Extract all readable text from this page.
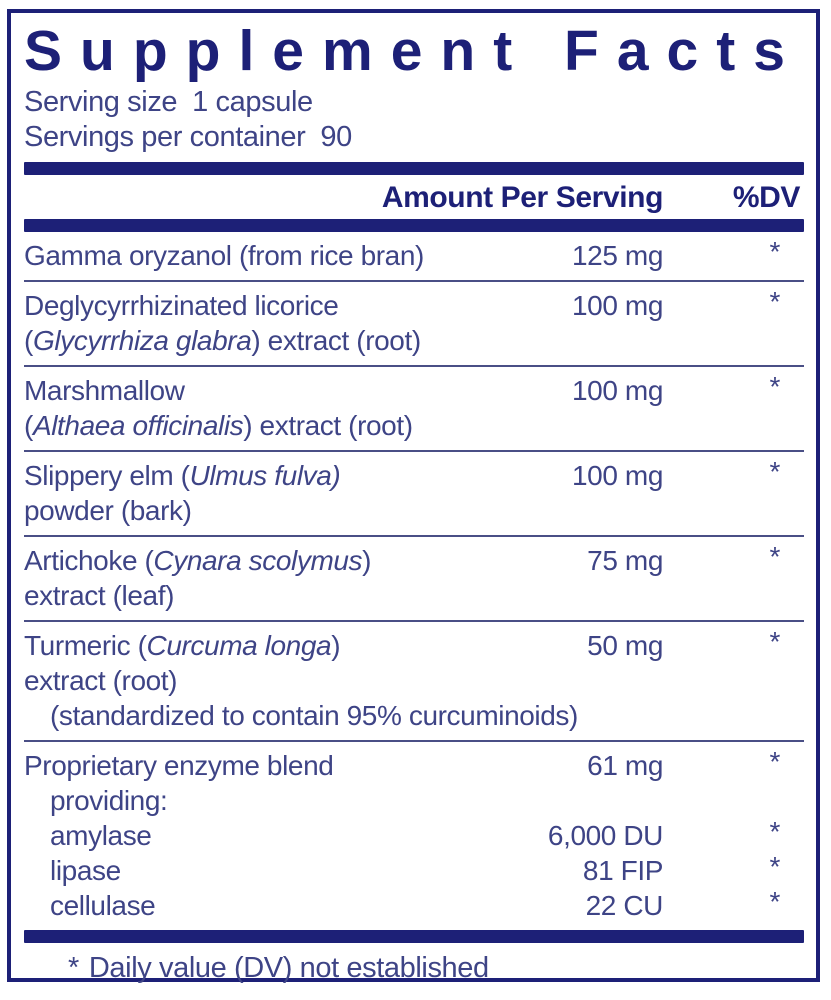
Supplement Facts
Serving size 1 capsule
Servings per container 90
Amount Per Serving %DV
Gamma oryzanol (from rice bran)	125 mg	*
Deglycyrrhizinated licorice
(Glycyrrhiza glabra) extract (root)
100 mg	*
Marshmallow
(Althaea officinalis) extract (root)
100 mg	*
Slippery elm (Ulmus fulva)
powder (bark)
100 mg	*
Artichoke (Cynara scolymus)
extract (leaf)
75 mg	*
Turmeric (Curcuma longa)
extract (root)
(standardized to contain 95% curcuminoids)
50 mg	*
Proprietary enzyme blend	61 mg	*
providing:
amylase	6,000 DU	*
lipase	81 FIP	*
cellulase	22 CU	*
* Daily value (DV) not established
